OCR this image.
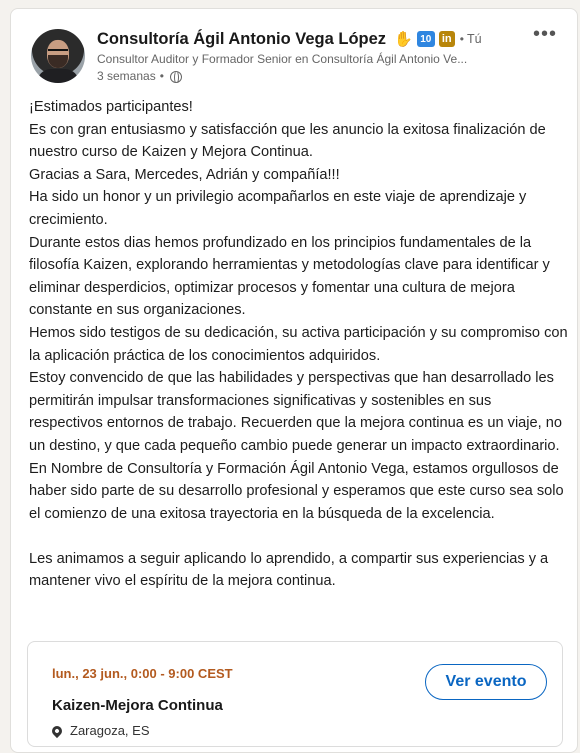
Consultoría Ágil Antonio Vega López ✋ 10 in • Tú
Consultor Auditor y Formador Senior en Consultoría Ágil Antonio Ve...
3 semanas •
•••

¡Estimados participantes!

Es con gran entusiasmo y satisfacción que les anuncio la exitosa finalización de nuestro curso de Kaizen y Mejora Continua.

Gracias a Sara, Mercedes, Adrián y compañía!!!

Ha sido un honor y un privilegio acompañarlos en este viaje de aprendizaje y crecimiento.

Durante estos dias hemos profundizado en los principios fundamentales de la filosofía Kaizen, explorando herramientas y metodologías clave para identificar y eliminar desperdicios, optimizar procesos y fomentar una cultura de mejora constante en sus organizaciones.

Hemos sido testigos de su dedicación, su activa participación y su compromiso con la aplicación práctica de los conocimientos adquiridos.

Estoy convencido de que las habilidades y perspectivas que han desarrollado les permitirán impulsar transformaciones significativas y sostenibles en sus respectivos entornos de trabajo. Recuerden que la mejora continua es un viaje, no un destino, y que cada pequeño cambio puede generar un impacto extraordinario.

En Nombre de Consultoría y Formación Ágil Antonio Vega, estamos orgullosos de haber sido parte de su desarrollo profesional y esperamos que este curso sea solo el comienzo de una exitosa trayectoria en la búsqueda de la excelencia.

Les animamos a seguir aplicando lo aprendido, a compartir sus experiencias y a mantener vivo el espíritu de la mejora continua.

lun., 23 jun., 0:00 - 9:00 CEST
Kaizen-Mejora Continua
Zaragoza, ES
Ver evento
